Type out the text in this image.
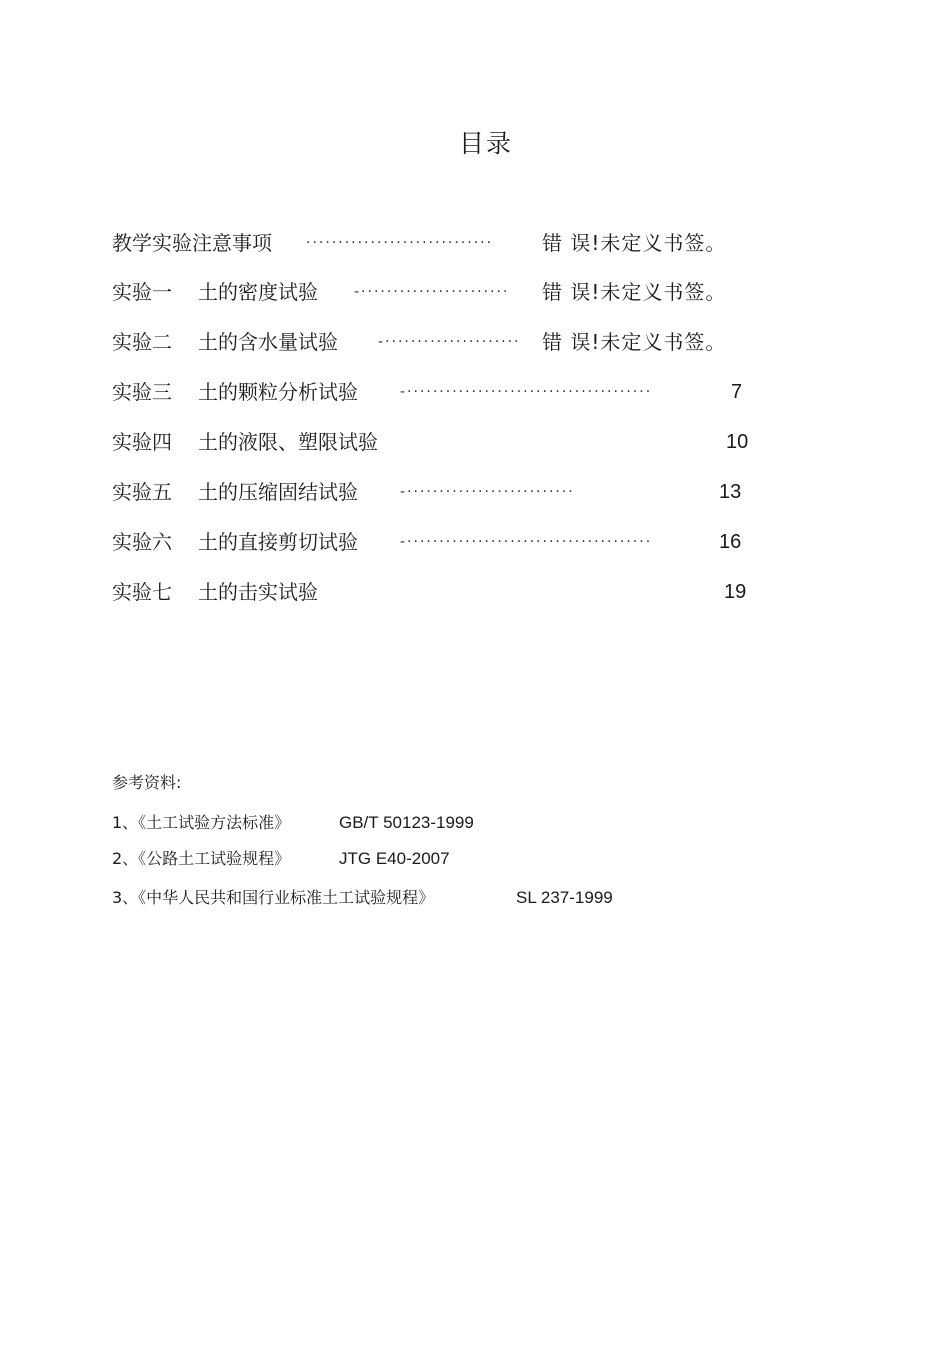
目录
教学实验注意事项 ·····························	错 误!未定义书签。
实验一 土的密度试验	-·······················	错 误!未定义书签。
实验二 土的含水量试验	-·····················	错 误!未定义书签。
实验三 土的颗粒分析试验	-······································	7
实验四 土的液限、塑限试验	10
实验五 土的压缩固结试验	-··························	13
实验六 土的直接剪切试验	-······································	16
实验七 土的击实试验	19
参考资料:
1、《土工试验方法标准》	GB/T 50123-1999
2、《公路土工试验规程》	JTG E40-2007
3、《中华人民共和国行业标准土工试验规程》	SL 237-1999
